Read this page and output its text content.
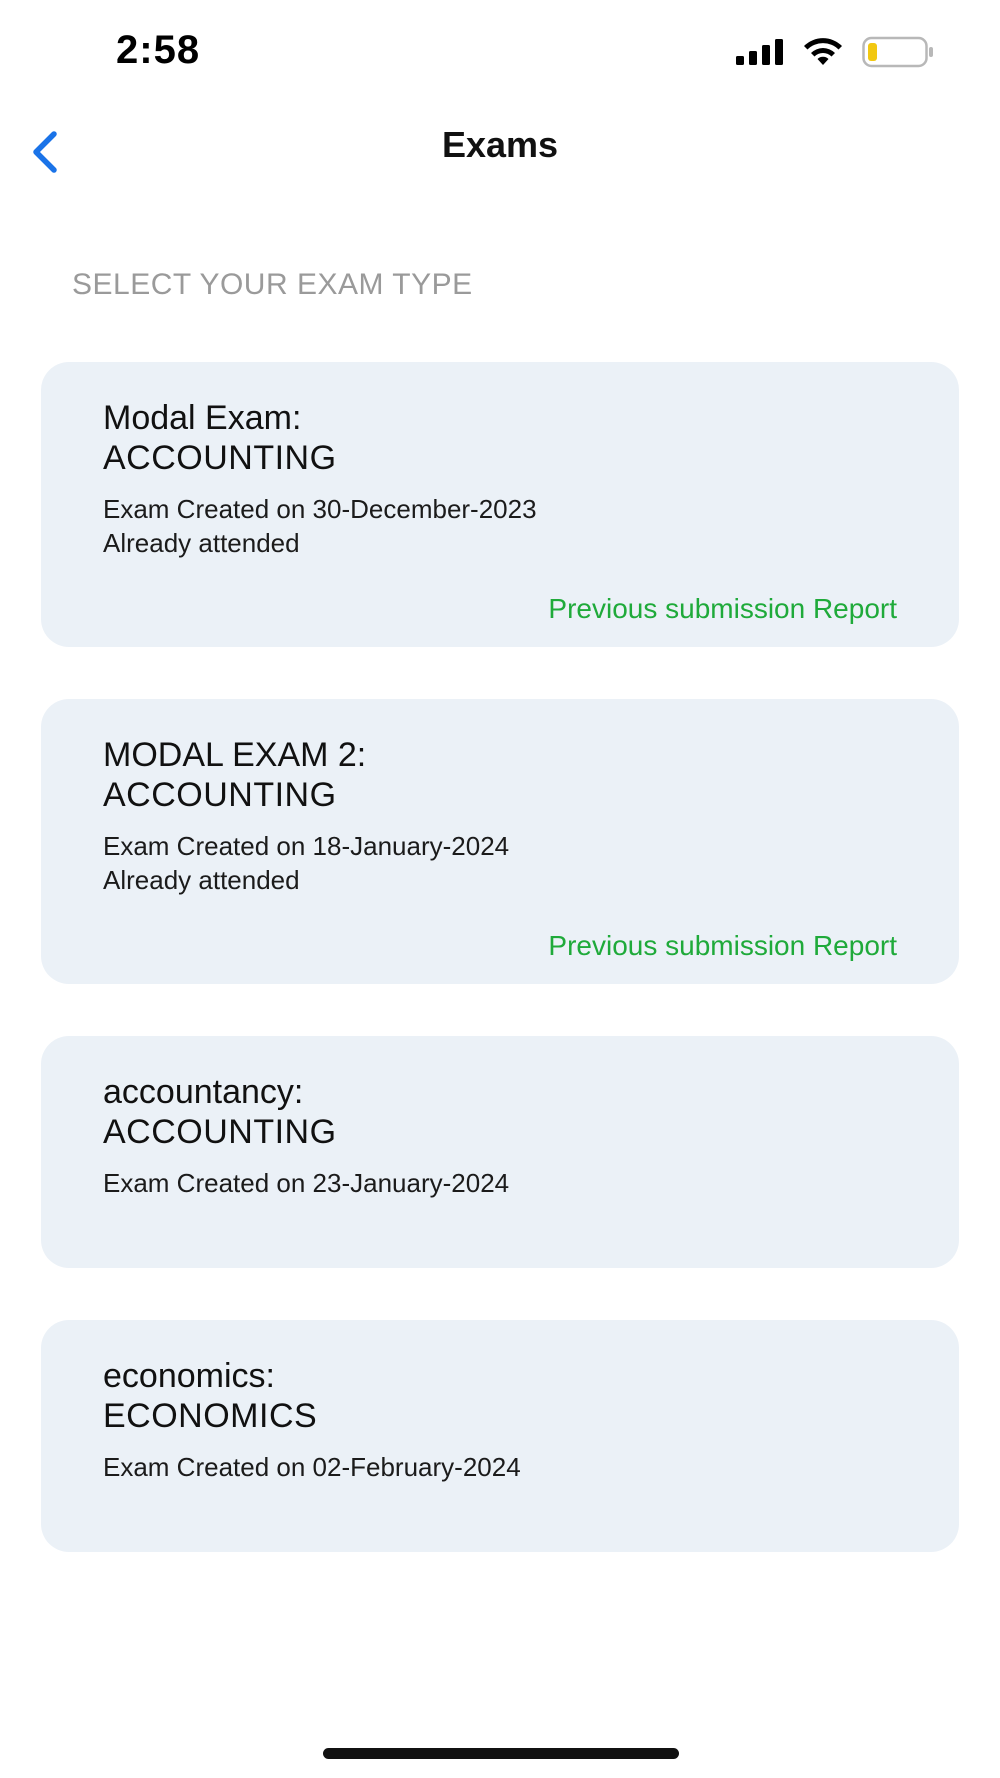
2:58
Exams
SELECT YOUR EXAM TYPE
Modal Exam:
ACCOUNTING
Exam Created on 30-December-2023
Already attended
Previous submission Report
MODAL EXAM 2:
ACCOUNTING
Exam Created on 18-January-2024
Already attended
Previous submission Report
accountancy:
ACCOUNTING
Exam Created on 23-January-2024
economics:
ECONOMICS
Exam Created on 02-February-2024
